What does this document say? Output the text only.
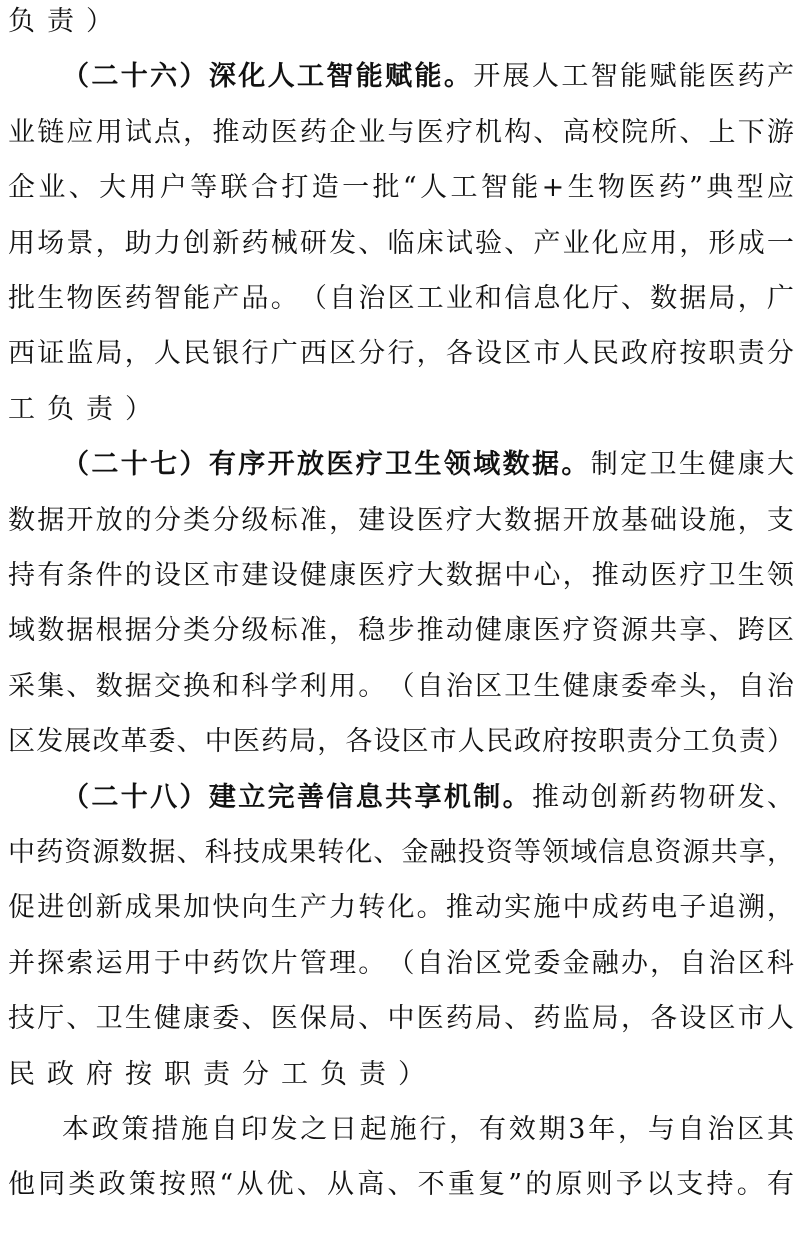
负 责 ）
（ 二 十 六 ） 深 化 人 工 智 能 赋 能 。 开 展 人 工 智 能 赋 能 医 药 产
业 链 应 用 试 点 ， 推 动 医 药 企 业 与 医 疗 机 构 、 高 校 院 所 、 上 下 游
企 业 、 大 用 户 等 联 合 打 造 一 批 “ 人 工 智 能 + 生 物 医 药 ” 典 型 应
用 场 景 ， 助 力 创 新 药 械 研 发 、 临 床 试 验 、 产 业 化 应 用 ， 形 成 一
批 生 物 医 药 智 能 产 品 。 （ 自 治 区 工 业 和 信 息 化 厅 、 数 据 局 ， 广
西 证 监 局 ， 人 民 银 行 广 西 区 分 行 ， 各 设 区 市 人 民 政 府 按 职 责 分
工 负 责 ）
（ 二 十 七 ） 有 序 开 放 医 疗 卫 生 领 域 数 据 。 制 定 卫 生 健 康 大
数 据 开 放 的 分 类 分 级 标 准 ， 建 设 医 疗 大 数 据 开 放 基 础 设 施 ， 支
持 有 条 件 的 设 区 市 建 设 健 康 医 疗 大 数 据 中 心 ， 推 动 医 疗 卫 生 领
域 数 据 根 据 分 类 分 级 标 准 ， 稳 步 推 动 健 康 医 疗 资 源 共 享 、 跨 区
采 集 、 数 据 交 换 和 科 学 利 用 。 （ 自 治 区 卫 生 健 康 委 牵 头 ， 自 治
区 发 展 改 革 委 、 中 医 药 局 ， 各 设 区 市 人 民 政 府 按 职 责 分 工 负 责 ）
（ 二 十 八 ） 建 立 完 善 信 息 共 享 机 制 。 推 动 创 新 药 物 研 发 、
中 药 资 源 数 据 、 科 技 成 果 转 化 、 金 融 投 资 等 领 域 信 息 资 源 共 享 ，
促 进 创 新 成 果 加 快 向 生 产 力 转 化 。 推 动 实 施 中 成 药 电 子 追 溯 ，
并 探 索 运 用 于 中 药 饮 片 管 理 。 （ 自 治 区 党 委 金 融 办 ， 自 治 区 科
技 厅 、 卫 生 健 康 委 、 医 保 局 、 中 医 药 局 、 药 监 局 ， 各 设 区 市 人
民 政 府 按 职 责 分 工 负 责 ）
本 政 策 措 施 自 印 发 之 日 起 施 行 ， 有 效 期 3 年 ， 与 自 治 区 其
他 同 类 政 策 按 照 “ 从 优 、 从 高 、 不 重 复 ” 的 原 则 予 以 支 持 。 有
